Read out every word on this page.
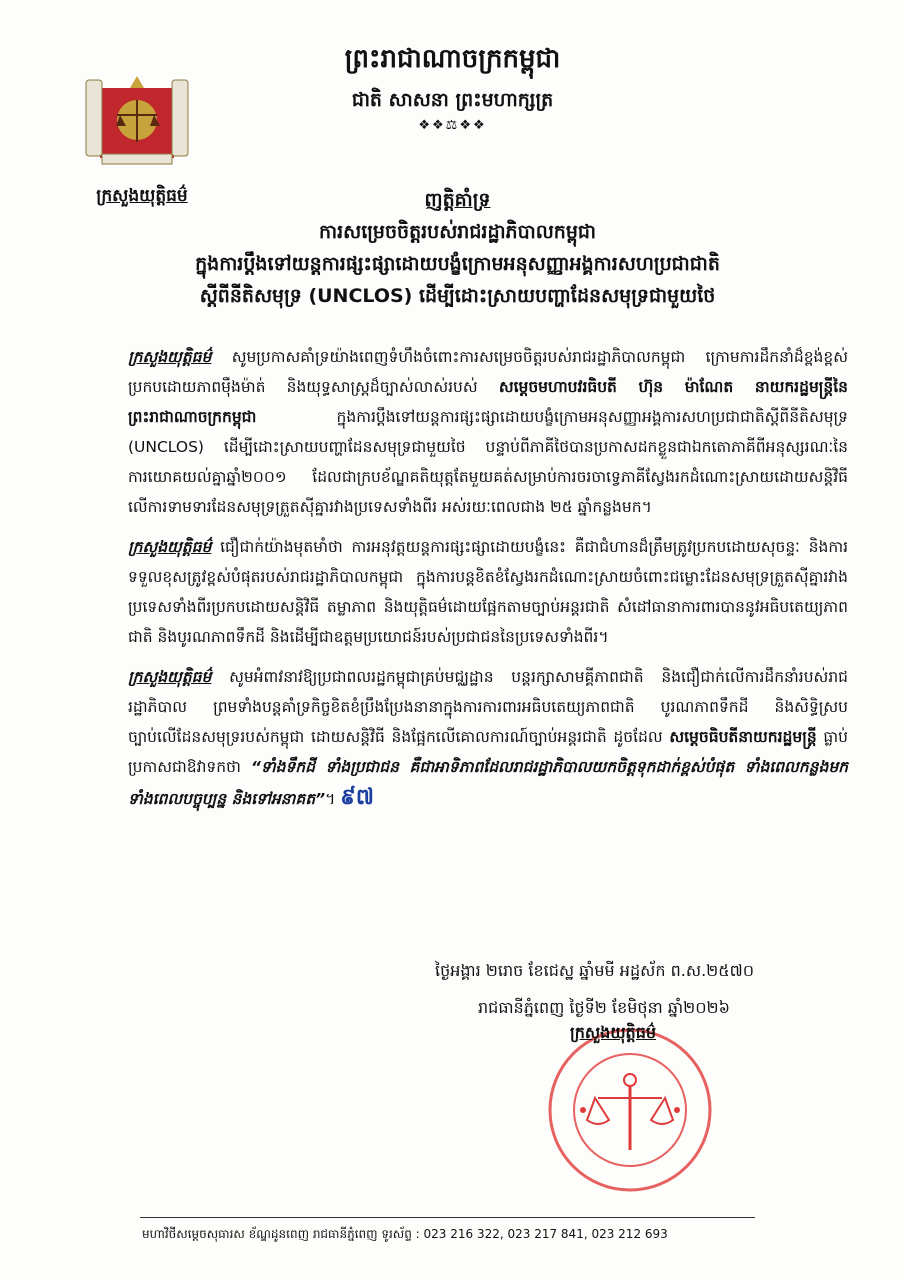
ក្រសួងយុត្តិធម៌
ព្រះរាជាណាចក្រកម្ពុជា
ជាតិ សាសនា ព្រះមហាក្សត្រ
❖❖⚖❖❖
ញត្តិគាំទ្រ
ការសម្រេចចិត្តរបស់រាជរដ្ឋាភិបាលកម្ពុជា
ក្នុងការប្តឹងទៅយន្តការផ្សះផ្សាដោយបង្ខំក្រោមអនុសញ្ញាអង្គការសហប្រជាជាតិ
ស្តីពីនីតិសមុទ្រ (UNCLOS) ដើម្បីដោះស្រាយបញ្ហាដែនសមុទ្រជាមួយថៃ

ក្រសួងយុត្តិធម៌ សូមប្រកាសគាំទ្រយ៉ាងពេញទំហឹងចំពោះការសម្រេចចិត្តរបស់រាជរដ្ឋាភិបាលកម្ពុជា ក្រោមការដឹកនាំដ៏ខ្ពង់ខ្ពស់ប្រកបដោយភាពម៉ឺងម៉ាត់ និងយុទ្ធសាស្ត្រដ៏ច្បាស់លាស់របស់ សម្តេចមហាបវរធិបតី ហ៊ុន ម៉ាណែត នាយករដ្ឋមន្ត្រីនៃព្រះរាជាណាចក្រកម្ពុជា ក្នុងការប្តឹងទៅយន្តការផ្សះផ្សាដោយបង្ខំក្រោមអនុសញ្ញាអង្គការសហប្រជាជាតិស្តីពីនីតិសមុទ្រ (UNCLOS) ដើម្បីដោះស្រាយបញ្ហាដែនសមុទ្រជាមួយថៃ បន្ទាប់ពីភាគីថៃបានប្រកាសដកខ្លួនជាឯកតោភាគីពីអនុស្សរណៈនៃការយោគយល់គ្នាឆ្នាំ២០០១ ដែលជាក្របខ័ណ្ឌគតិយុត្តតែមួយគត់សម្រាប់ការចរចាទ្វេភាគីស្វែងរកដំណោះស្រាយដោយសន្តិវិធីលើការទាមទារដែនសមុទ្រត្រួតស៊ីគ្នារវាងប្រទេសទាំងពីរ អស់រយៈពេលជាង ២៥ ឆ្នាំកន្លងមក។

ក្រសួងយុត្តិធម៌ ជឿជាក់យ៉ាងមុតមាំថា ការអនុវត្តយន្តការផ្សះផ្សាដោយបង្ខំនេះ គឺជាជំហានដ៏ត្រឹមត្រូវប្រកបដោយសុចន្ទៈ និងការទទួលខុសត្រូវខ្ពស់បំផុតរបស់រាជរដ្ឋាភិបាលកម្ពុជា ក្នុងការបន្តខិតខំស្វែងរកដំណោះស្រាយចំពោះជម្លោះដែនសមុទ្រត្រួតស៊ីគ្នារវាងប្រទេសទាំងពីរប្រកបដោយសន្តិវិធី តម្លាភាព និងយុត្តិធម៌ដោយផ្អែកតាមច្បាប់អន្តរជាតិ សំដៅធានាការពារបាននូវអធិបតេយ្យភាពជាតិ និងបូរណភាពទឹកដី និងដើម្បីជាឧត្តមប្រយោជន៍របស់ប្រជាជននៃប្រទេសទាំងពីរ។

ក្រសួងយុត្តិធម៌ សូមអំពាវនាវឱ្យប្រជាពលរដ្ឋកម្ពុជាគ្រប់មជ្ឈដ្ឋាន បន្តរក្សាសាមគ្គីភាពជាតិ និងជឿជាក់លើការដឹកនាំរបស់រាជរដ្ឋាភិបាល ព្រមទាំងបន្តគាំទ្រកិច្ចខិតខំប្រឹងប្រែងនានាក្នុងការការពារអធិបតេយ្យភាពជាតិ បូរណភាពទឹកដី និងសិទ្ធិស្របច្បាប់លើដែនសមុទ្ររបស់កម្ពុជា ដោយសន្តិវិធី និងផ្អែកលើគោលការណ៍ច្បាប់អន្តរជាតិ ដូចដែល សម្តេចធិបតីនាយករដ្ឋមន្ត្រី ធ្លាប់ប្រកាសជាឱវាទកថា “ទាំងទឹកដី ទាំងប្រជាជន គឺជាអាទិភាពដែលរាជរដ្ឋាភិបាលយកចិត្តទុកដាក់ខ្ពស់បំផុត ទាំងពេលកន្លងមក ទាំងពេលបច្ចុប្បន្ន និងទៅអនាគត”។ ៩៧

ថ្ងៃអង្គារ ២រោច ខែជេស្ឋ ឆ្នាំមមី អដ្ឋស័ក ព.ស.២៥៧០
រាជធានីភ្នំពេញ ថ្ងៃទី២ ខែមិថុនា ឆ្នាំ២០២៦
ក្រសួងយុត្តិធម៌
មហាវិថីសម្តេចសុធារស ខ័ណ្ឌដូនពេញ រាជធានីភ្នំពេញ ទូរស័ព្ទ : 023 216 322, 023 217 841, 023 212 693
